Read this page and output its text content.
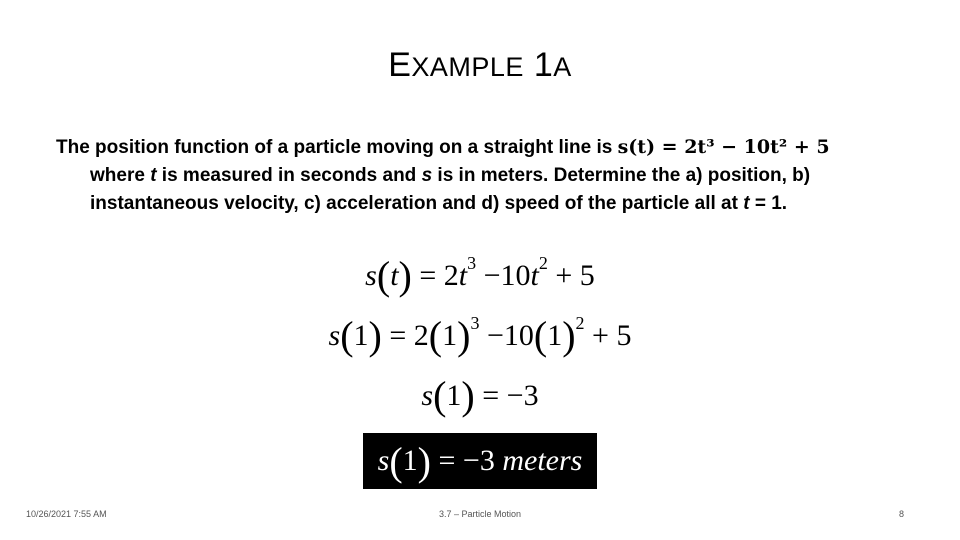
EXAMPLE 1A
The position function of a particle moving on a straight line is s(t) = 2t³ − 10t² + 5
where t is measured in seconds and s is in meters. Determine the a) position, b)
instantaneous velocity, c) acceleration and d) speed of the particle all at t = 1.
$s(t) = 2t^3 -10t^2 + 5$
$s(1) = 2(1)^3 -10(1)^2 + 5$
s(1) = −3
s ( 1 )
= −3
meters
10/26/2021 7:55 AM	3.7 – Particle Motion	8
